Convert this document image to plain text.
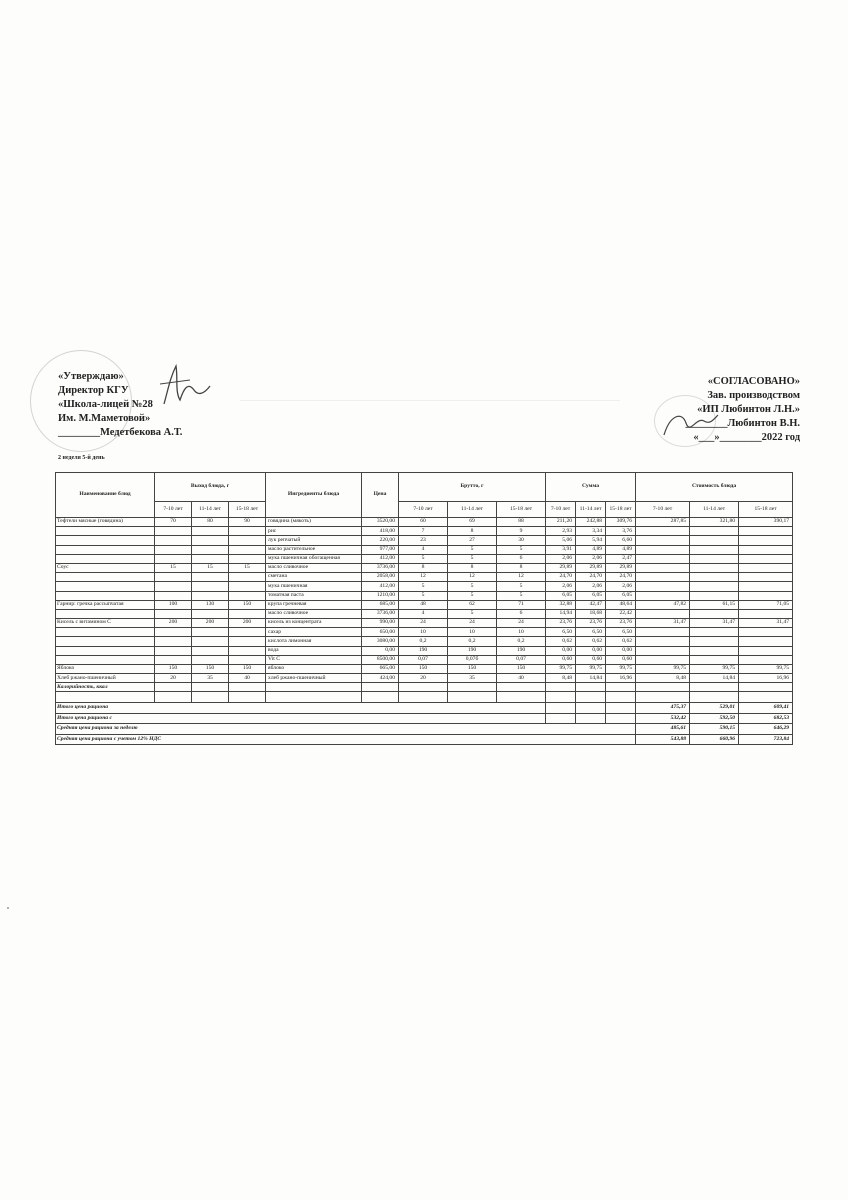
«Утверждаю»
Директор КГУ
«Школа-лицей №28
Им. М.Маметовой»
________Медетбекова А.Т.
«СОГЛАСОВАНО»
Зав. производством
«ИП Любинтон Л.Н.»
________Любинтон В.Н.
«___»________2022 год
2 неделя 5-й день
Наименование блюд	Выход блюда, г			Ингредиенты блюда	Цена	Брутто, г			Сумма			Стоимость блюда		
	7-10 лет	11-14 лет	15-18 лет			7-10 лет	11-14 лет	15-18 лет	7-10 лет	11-14 лет	15-18 лет	7-10 лет	11-14 лет	15-18 лет
Тефтели мясные (говядина)	70	80	90	говядина (мякоть)	3520,00	60	69	88	211,20	242,88	309,76	287,85	321,80	390,17
				рис	418,00	7	8	9	2,93	3,34	3,76			
				лук репчатый	220,00	23	27	30	5,06	5,94	6,60			
				масло растительное	977,00	4	5	5	3,91	4,89	4,89			
				мука пшеничная обогащенная	412,00	5	5	6	2,06	2,06	2,47			
Соус	15	15	15	масло сливочное	3736,00	8	8	8	29,89	29,89	29,89			
				сметана	2058,00	12	12	12	24,70	24,70	24,70			
				мука пшеничная	412,00	5	5	5	2,06	2,06	2,06			
				томатная паста	1210,00	5	5	5	6,05	6,05	6,05			
Гарнир: гречка рассыпчатая	100	130	150	крупа гречневая	685,00	48	62	71	32,88	42,47	48,64	47,82	61,15	71,05
				масло сливочное	3736,00	4	5	6	14,94	18,68	22,42			
Кисель с витамином С	200	200	200	кисель из концентрата	990,00	24	24	24	23,76	23,76	23,76	31,47	31,47	31,47
				сахар	650,00	10	10	10	6,50	6,50	6,50			
				кислота лимонная	3080,00	0,2	0,2	0,2	0,62	0,62	0,62			
				вода	0,00	190	190	190	0,00	0,00	0,00			
				Vit C	8500,00	0,07	0,07б	0,07	0,60	0,60	0,60			
Яблоко	150	150	150	яблоко	665,00	150	150	150	99,75	99,75	99,75	99,75	99,75	99,75
Хлеб ржано-пшеничный	20	35	40	хлеб ржано-пшеничный	424,00	20	35	40	8,48	14,84	16,96	8,48	14,84	16,96
Калорийность, ккал														

Итого цена рациона												475,37	529,01	609,41
Итого цена рациона с												532,42	592,50	682,53
Средняя цена рациона за неделю												485,61	590,15	646,29
Средняя цена рациона с учетом 12% НДС												543,88	660,96	723,84
